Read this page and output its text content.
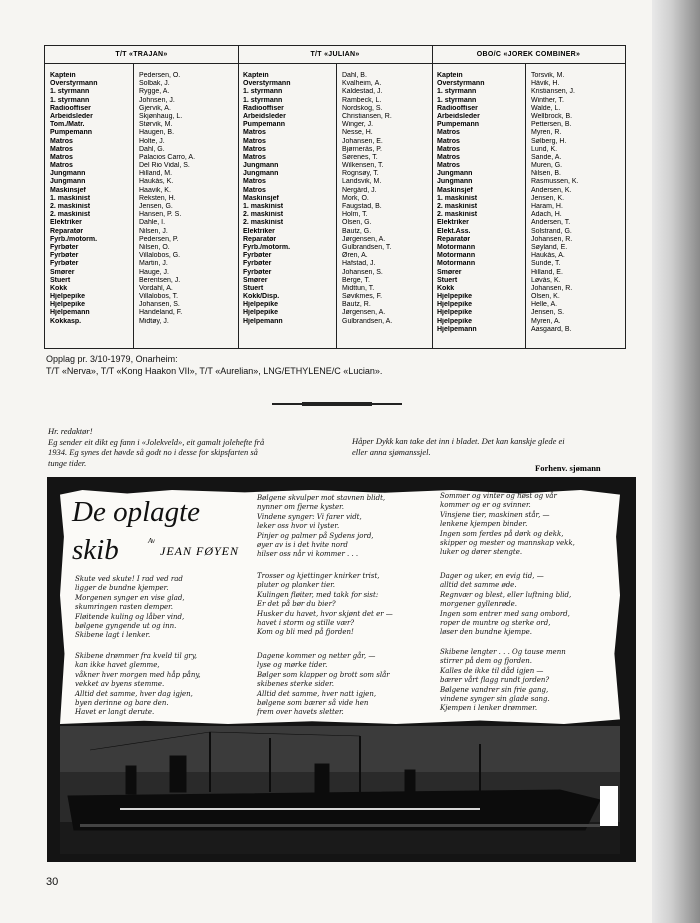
T/T «TRAJAN»
Kaptein	Pedersen, O.
Overstyrmann	Solbak, J.
1. styrmann	Rygge, A.
1. styrmann	Johnsen, J.
Radiooffiser	Gjervik, A.
Arbeidsleder	Skjønhaug, L.
Tom./Matr.	Størvik, M.
Pumpemann	Haugen, B.
Matros	Holte, J.
Matros	Dahl, G.
Matros	Palacios Carro, A.
Matros	Del Rio Vidal, S.
Jungmann	Hilland, M.
Jungmann	Haukås, K.
Maskinsjef	Haavik, K.
1. maskinist	Reksten, H.
2. maskinist	Jensen, G.
2. maskinist	Hansen, P. S.
Elektriker	Dahle, I.
Reparatør	Nilsen, J.
Fyrb./motorm.	Pedersen, P.
Fyrbøter	Nilsen, O.
Fyrbøter	Villalobos, G.
Fyrbøter	Martin, J.
Smører	Hauge, J.
Stuert	Berentsen, J.
Kokk	Vordahl, A.
Hjelpepike	Villalobos, T.
Hjelpepike	Johansen, S.
Hjelpemann	Handeland, F.
Kokkasp.	Midtøy, J.
T/T «JULIAN»
Kaptein	Dahl, B.
Overstyrmann	Kvalheim, Å.
1. styrmann	Kaldestad, J.
1. styrmann	Rambeck, L.
Radiooffiser	Nordskog, S.
Arbeidsleder	Christiansen, R.
Pumpemann	Winger, J.
Matros	Nesse, H.
Matros	Johansen, E.
Matros	Bjørnerås, P.
Matros	Sørenes, T.
Jungmann	Wilkensen, T.
Jungmann	Rognsøy, T.
Matros	Landsvik, M.
Matros	Nergård, J.
Maskinsjef	Mork, O.
1. maskinist	Faugstad, B.
2. maskinist	Holm, T.
2. maskinist	Olsen, G.
Elektriker	Bautz, G.
Reparatør	Jørgensen, A.
Fyrb./motorm.	Gulbrandsen, T.
Fyrbøter	Øren, A.
Fyrbøter	Hafstad, J.
Fyrbøter	Johansen, S.
Smører	Berge, T.
Stuert	Midttun, T.
Kokk/Disp.	Søvikmes, F.
Hjelpepike	Bautz, R.
Hjelpepike	Jørgensen, A.
Hjelpemann	Gulbrandsen, A.
OBO/C «JOREK COMBINER»
Kaptein	Torsvik, M.
Overstyrmann	Håvik, H.
1. styrmann	Kristiansen, J.
1. styrmann	Winther, T.
Radiooffiser	Walde, L.
Arbeidsleder	Wellbrock, B.
Pumpemann	Pettersen, B.
Matros	Myren, R.
Matros	Sølberg, H.
Matros	Lund, K.
Matros	Sande, A.
Matros	Muren, G.
Jungmann	Nilsen, B.
Jungmann	Rasmussen, K.
Maskinsjef	Andersen, K.
1. maskinist	Jensen, K.
2. maskinist	Haram, H.
2. maskinist	Adach, H.
Elektriker	Andersen, T.
Elekt.Ass.	Solstrand, G.
Reparatør	Johansen, R.
Motormann	Søyland, E.
Motormann	Haukås, A.
Motormann	Sunde, T.
Smører	Hilland, E.
Stuert	Løvås, K.
Kokk	Johansen, R.
Hjelpepike	Olsen, K.
Hjelpepike	Helle, A.
Hjelpepike	Jensen, S.
Hjelpepike	Myren, A.
Hjelpemann	Aasgaard, B.
Opplag pr. 3/10-1979, Onarheim:
T/T «Nerva», T/T «Kong Haakon VII», T/T «Aurelian», LNG/ETHYLENE/C «Lucian».
Hr. redaktør!
Eg sender eit dikt eg fann i «Jolekveld», eit gamalt jolehefte frå
1934. Eg synes det høvde så godt no i desse for skipsfarten så
tunge tider.
Håper Dykk kan take det inn i bladet. Det kan kanskje glede ei
eller anna sjømanssjel.
Forhenv. sjømann
De oplagte
skib	Av
JEAN FØYEN
Skute ved skute! I rad ved rad
ligger de bundne kjemper.
Morgenen synger en vise glad,
skumringen rasten demper.
Fløitende kuling og låber vind,
bølgene gyngende ut og inn.
Skibene lagt i lenker.
Skibene drømmer fra kveld til gry,
kan ikke havet glemme,
våkner hver morgen med håp påny,
vekket av byens stemme.
Alltid det samme, hver dag igjen,
byen derinne og bare den.
Havet er langt derute.
Bølgene skvulper mot stavnen blidt,
nynner om fjerne kyster.
Vindene synger: Vi farer vidt,
leker oss hvor vi lyster.
Pinjer og palmer på Sydens jord,
øyer av is i det hvite nord
hilser oss når vi kommer . . .
Trosser og kjettinger knirker trist,
pluter og planker tier.
Kulingen fløiter, med takk for sist:
Er det på bør du bier?
Husker du havet, hvor skjønt det er —
havet i storm og stille vær?
Kom og bli med på fjorden!
Dagene kommer og netter går, —
lyse og mørke tider.
Bølger som klapper og brott som slår
skibenes sterke sider.
Alltid det samme, hver natt igjen,
bølgene som bærer så vide hen
frem over havets sletter.
Sommer og vinter og høst og vår
kommer og er og svinner.
Vinsjene tier, maskinen står, —
lenkene kjempen binder.
Ingen som ferdes på dørk og dekk,
skipper og mester og mannskap vekk,
luker og dører stengte.
Dager og uker, en evig tid, —
alltid det samme øde.
Regnvær og blest, eller luftning blid,
morgener gyllenrøde.
Ingen som entrer med sang ombord,
roper de muntre og sterke ord,
løser den bundne kjempe.
Skibene lengter . . . Og tause menn
stirrer på dem og fjorden.
Kalles de ikke til dåd igjen —
bærer vårt flagg rundt jorden?
Bølgene vandrer sin frie gang,
vindene synger sin glade sang.
Kjempen i lenker drømmer.
30
